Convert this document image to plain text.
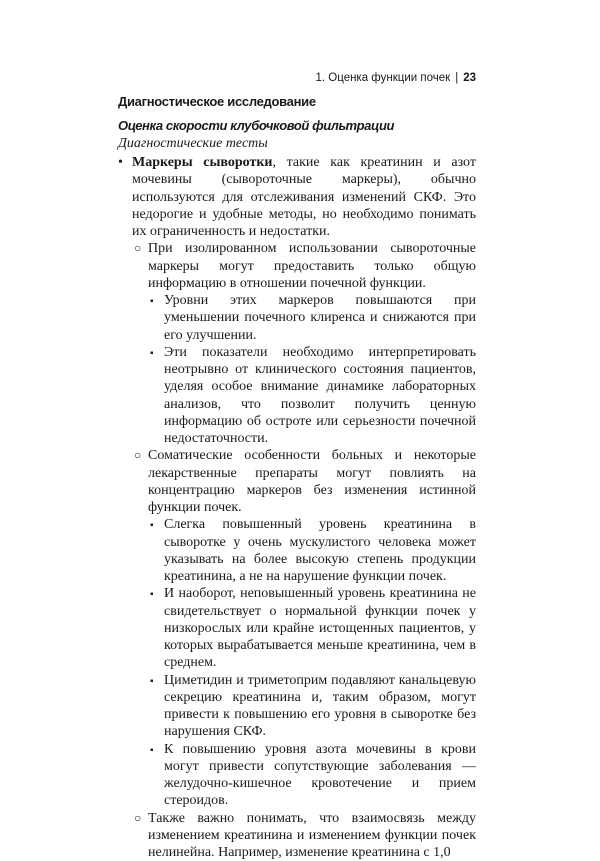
1. Оценка функции почек | 23
Диагностическое исследование
Оценка скорости клубочковой фильтрации
Диагностические тесты
• Маркеры сыворотки, такие как креатинин и азот мочевины (сывороточные маркеры), обычно используются для отслеживания изменений СКФ. Это недорогие и удобные методы, но необходимо понимать их ограниченность и недостатки.
○ При изолированном использовании сывороточные маркеры могут предоставить только общую информацию в отношении почечной функции.
▪ Уровни этих маркеров повышаются при уменьшении почечного клиренса и снижаются при его улучшении.
▪ Эти показатели необходимо интерпретировать неотрывно от клинического состояния пациентов, уделяя особое внимание динамике лабораторных анализов, что позволит получить ценную информацию об остроте или серьезности почечной недостаточности.
○ Соматические особенности больных и некоторые лекарственные препараты могут повлиять на концентрацию маркеров без изменения истинной функции почек.
▪ Слегка повышенный уровень креатинина в сыворотке у очень мускулистого человека может указывать на более высокую степень продукции креатинина, а не на нарушение функции почек.
▪ И наоборот, неповышенный уровень креатинина не свидетельствует о нормальной функции почек у низкорослых или крайне истощенных пациентов, у которых вырабатывается меньше креатинина, чем в среднем.
▪ Циметидин и триметоприм подавляют канальцевую секрецию креатинина и, таким образом, могут привести к повышению его уровня в сыворотке без нарушения СКФ.
▪ К повышению уровня азота мочевины в крови могут привести сопутствующие заболевания — желудочно-кишечное кровотечение и прием стероидов.
○ Также важно понимать, что взаимосвязь между изменением креатинина и изменением функции почек нелинейна. Например, изменение креатинина с 1,0
